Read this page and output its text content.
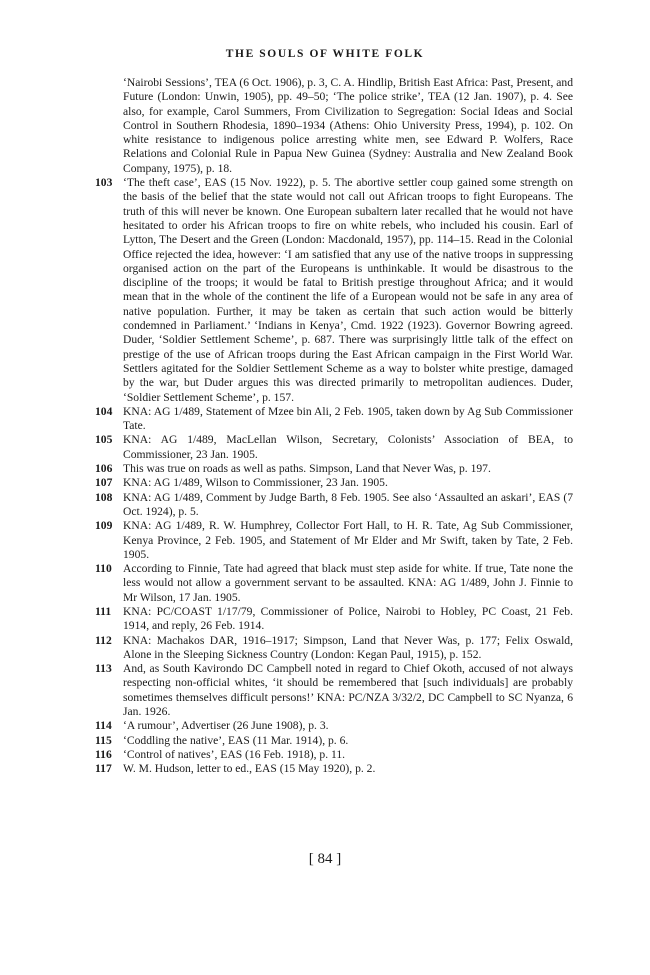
THE SOULS OF WHITE FOLK
‘Nairobi Sessions’, TEA (6 Oct. 1906), p. 3, C. A. Hindlip, British East Africa: Past, Present, and Future (London: Unwin, 1905), pp. 49–50; ‘The police strike’, TEA (12 Jan. 1907), p. 4. See also, for example, Carol Summers, From Civilization to Segregation: Social Ideas and Social Control in Southern Rhodesia, 1890–1934 (Athens: Ohio University Press, 1994), p. 102. On white resistance to indigenous police arresting white men, see Edward P. Wolfers, Race Relations and Colonial Rule in Papua New Guinea (Sydney: Australia and New Zealand Book Company, 1975), p. 18.
103 ‘The theft case’, EAS (15 Nov. 1922), p. 5. The abortive settler coup gained some strength on the basis of the belief that the state would not call out African troops to fight Europeans. The truth of this will never be known. One European subaltern later recalled that he would not have hesitated to order his African troops to fire on white rebels, who included his cousin. Earl of Lytton, The Desert and the Green (London: Macdonald, 1957), pp. 114–15. Read in the Colonial Office rejected the idea, however: ‘I am satisfied that any use of the native troops in suppressing organised action on the part of the Europeans is unthinkable. It would be disastrous to the discipline of the troops; it would be fatal to British prestige throughout Africa; and it would mean that in the whole of the continent the life of a European would not be safe in any area of native population. Further, it may be taken as certain that such action would be bitterly condemned in Parliament.’ ‘Indians in Kenya’, Cmd. 1922 (1923). Governor Bowring agreed. Duder, ‘Soldier Settlement Scheme’, p. 687. There was surprisingly little talk of the effect on prestige of the use of African troops during the East African campaign in the First World War. Settlers agitated for the Soldier Settlement Scheme as a way to bolster white prestige, damaged by the war, but Duder argues this was directed primarily to metropolitan audiences. Duder, ‘Soldier Settlement Scheme’, p. 157.
104 KNA: AG 1/489, Statement of Mzee bin Ali, 2 Feb. 1905, taken down by Ag Sub Commissioner Tate.
105 KNA: AG 1/489, MacLellan Wilson, Secretary, Colonists’ Association of BEA, to Commissioner, 23 Jan. 1905.
106 This was true on roads as well as paths. Simpson, Land that Never Was, p. 197.
107 KNA: AG 1/489, Wilson to Commissioner, 23 Jan. 1905.
108 KNA: AG 1/489, Comment by Judge Barth, 8 Feb. 1905. See also ‘Assaulted an askari’, EAS (7 Oct. 1924), p. 5.
109 KNA: AG 1/489, R. W. Humphrey, Collector Fort Hall, to H. R. Tate, Ag Sub Commissioner, Kenya Province, 2 Feb. 1905, and Statement of Mr Elder and Mr Swift, taken by Tate, 2 Feb. 1905.
110 According to Finnie, Tate had agreed that black must step aside for white. If true, Tate none the less would not allow a government servant to be assaulted. KNA: AG 1/489, John J. Finnie to Mr Wilson, 17 Jan. 1905.
111	KNA: PC/COAST 1/17/79, Commissioner of Police, Nairobi to Hobley, PC Coast, 21 Feb. 1914, and reply, 26 Feb. 1914.
112 KNA: Machakos DAR, 1916–1917; Simpson, Land that Never Was, p. 177; Felix Oswald, Alone in the Sleeping Sickness Country (London: Kegan Paul, 1915), p. 152.
113 And, as South Kavirondo DC Campbell noted in regard to Chief Okoth, accused of not always respecting non-official whites, ‘it should be remembered that [such individuals] are probably sometimes themselves difficult persons!’ KNA: PC/NZA 3/32/2, DC Campbell to SC Nyanza, 6 Jan. 1926.
114 ‘A rumour’, Advertiser (26 June 1908), p. 3.
115 ‘Coddling the native’, EAS (11 Mar. 1914), p. 6.
116 ‘Control of natives’, EAS (16 Feb. 1918), p. 11.
117 W. M. Hudson, letter to ed., EAS (15 May 1920), p. 2.
[ 84 ]
